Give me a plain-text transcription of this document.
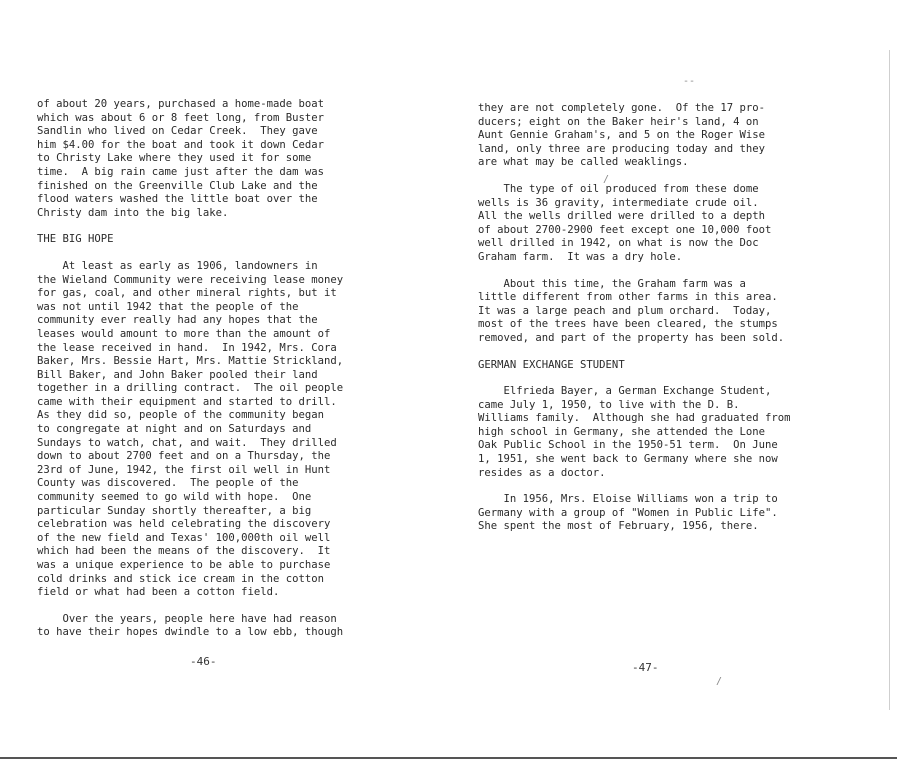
‑‑
/
/

of about 20 years, purchased a home-made boat
which was about 6 or 8 feet long, from Buster
Sandlin who lived on Cedar Creek.  They gave
him $4.00 for the boat and took it down Cedar
to Christy Lake where they used it for some
time.  A big rain came just after the dam was
finished on the Greenville Club Lake and the
flood waters washed the little boat over the
Christy dam into the big lake.

THE BIG HOPE

At least as early as 1906, landowners in
the Wieland Community were receiving lease money
for gas, coal, and other mineral rights, but it
was not until 1942 that the people of the
community ever really had any hopes that the
leases would amount to more than the amount of
the lease received in hand.  In 1942, Mrs. Cora
Baker, Mrs. Bessie Hart, Mrs. Mattie Strickland,
Bill Baker, and John Baker pooled their land
together in a drilling contract.  The oil people
came with their equipment and started to drill.
As they did so, people of the community began
to congregate at night and on Saturdays and
Sundays to watch, chat, and wait.  They drilled
down to about 2700 feet and on a Thursday, the
23rd of June, 1942, the first oil well in Hunt
County was discovered.  The people of the
community seemed to go wild with hope.  One
particular Sunday shortly thereafter, a big
celebration was held celebrating the discovery
of the new field and Texas' 100,000th oil well
which had been the means of the discovery.  It
was a unique experience to be able to purchase
cold drinks and stick ice cream in the cotton
field or what had been a cotton field.

Over the years, people here have had reason
to have their hopes dwindle to a low ebb, though

-46-

they are not completely gone.  Of the 17 pro-
ducers; eight on the Baker heir's land, 4 on
Aunt Gennie Graham's, and 5 on the Roger Wise
land, only three are producing today and they
are what may be called weaklings.

The type of oil produced from these dome
wells is 36 gravity, intermediate crude oil.
All the wells drilled were drilled to a depth
of about 2700-2900 feet except one 10,000 foot
well drilled in 1942, on what is now the Doc
Graham farm.  It was a dry hole.

About this time, the Graham farm was a
little different from other farms in this area.
It was a large peach and plum orchard.  Today,
most of the trees have been cleared, the stumps
removed, and part of the property has been sold.

GERMAN EXCHANGE STUDENT

Elfrieda Bayer, a German Exchange Student,
came July 1, 1950, to live with the D. B.
Williams family.  Although she had graduated from
high school in Germany, she attended the Lone
Oak Public School in the 1950-51 term.  On June
1, 1951, she went back to Germany where she now
resides as a doctor.

In 1956, Mrs. Eloise Williams won a trip to
Germany with a group of "Women in Public Life".
She spent the most of February, 1956, there.

-47-
